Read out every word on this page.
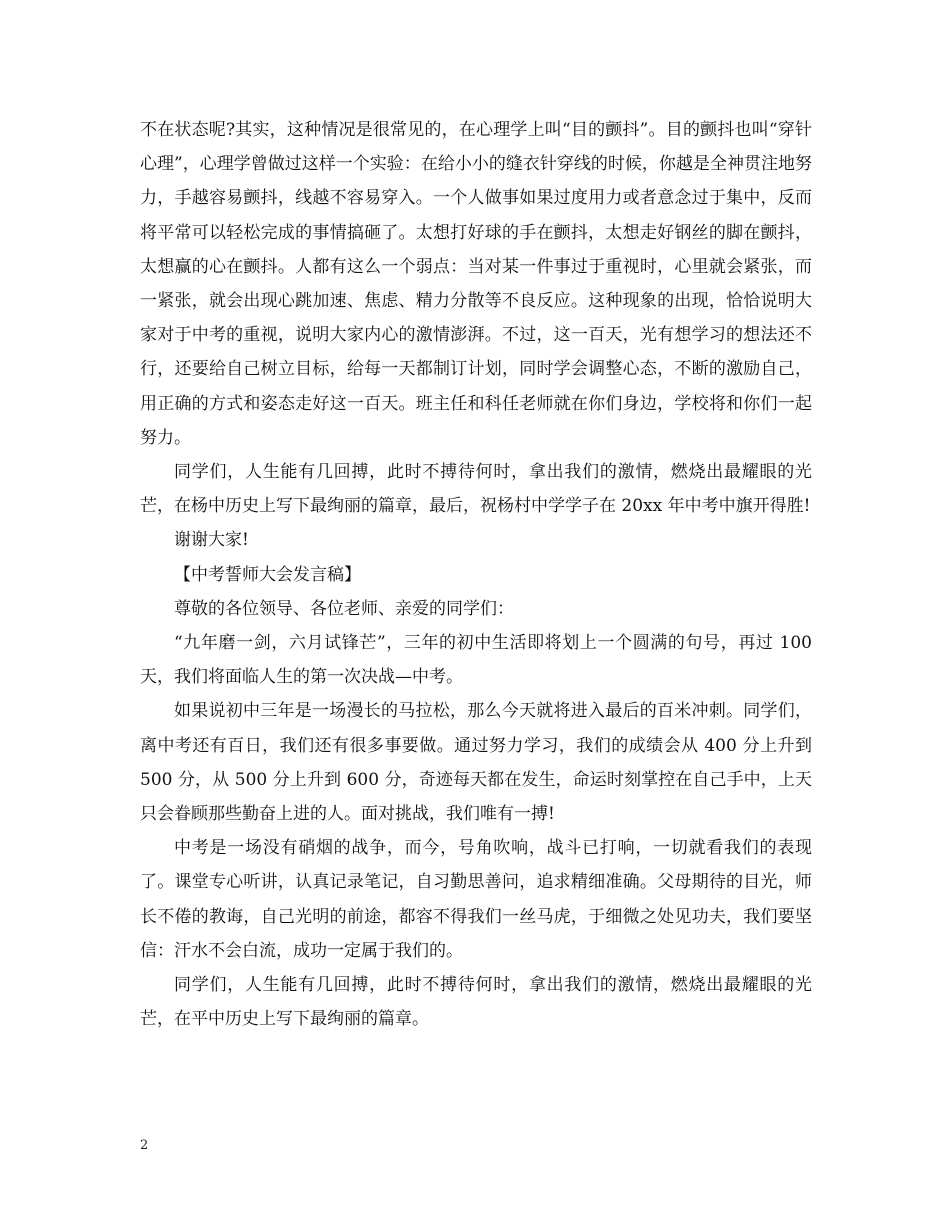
不在状态呢?其实，这种情况是很常见的，在心理学上叫“目的颤抖”。目的颤抖也叫“穿针心理”，心理学曾做过这样一个实验：在给小小的缝衣针穿线的时候，你越是全神贯注地努力，手越容易颤抖，线越不容易穿入。一个人做事如果过度用力或者意念过于集中，反而将平常可以轻松完成的事情搞砸了。太想打好球的手在颤抖，太想走好钢丝的脚在颤抖，太想赢的心在颤抖。人都有这么一个弱点：当对某一件事过于重视时，心里就会紧张，而一紧张，就会出现心跳加速、焦虑、精力分散等不良反应。这种现象的出现，恰恰说明大家对于中考的重视，说明大家内心的激情澎湃。不过，这一百天，光有想学习的想法还不行，还要给自己树立目标，给每一天都制订计划，同时学会调整心态，不断的激励自己，用正确的方式和姿态走好这一百天。班主任和科任老师就在你们身边，学校将和你们一起努力。

同学们，人生能有几回搏，此时不搏待何时，拿出我们的激情，燃烧出最耀眼的光芒，在杨中历史上写下最绚丽的篇章，最后，祝杨村中学学子在 20xx 年中考中旗开得胜!

谢谢大家!

【中考誓师大会发言稿】

尊敬的各位领导、各位老师、亲爱的同学们：

“九年磨一剑，六月试锋芒”，三年的初中生活即将划上一个圆满的句号，再过 100 天，我们将面临人生的第一次决战—中考。

如果说初中三年是一场漫长的马拉松，那么今天就将进入最后的百米冲刺。同学们，离中考还有百日，我们还有很多事要做。通过努力学习，我们的成绩会从 400 分上升到 500 分，从 500 分上升到 600 分，奇迹每天都在发生，命运时刻掌控在自己手中，上天只会眷顾那些勤奋上进的人。面对挑战，我们唯有一搏!

中考是一场没有硝烟的战争，而今，号角吹响，战斗已打响，一切就看我们的表现了。课堂专心听讲，认真记录笔记，自习勤思善问，追求精细准确。父母期待的目光，师长不倦的教诲，自己光明的前途，都容不得我们一丝马虎，于细微之处见功夫，我们要坚信：汗水不会白流，成功一定属于我们的。

同学们，人生能有几回搏，此时不搏待何时，拿出我们的激情，燃烧出最耀眼的光芒，在平中历史上写下最绚丽的篇章。

2
